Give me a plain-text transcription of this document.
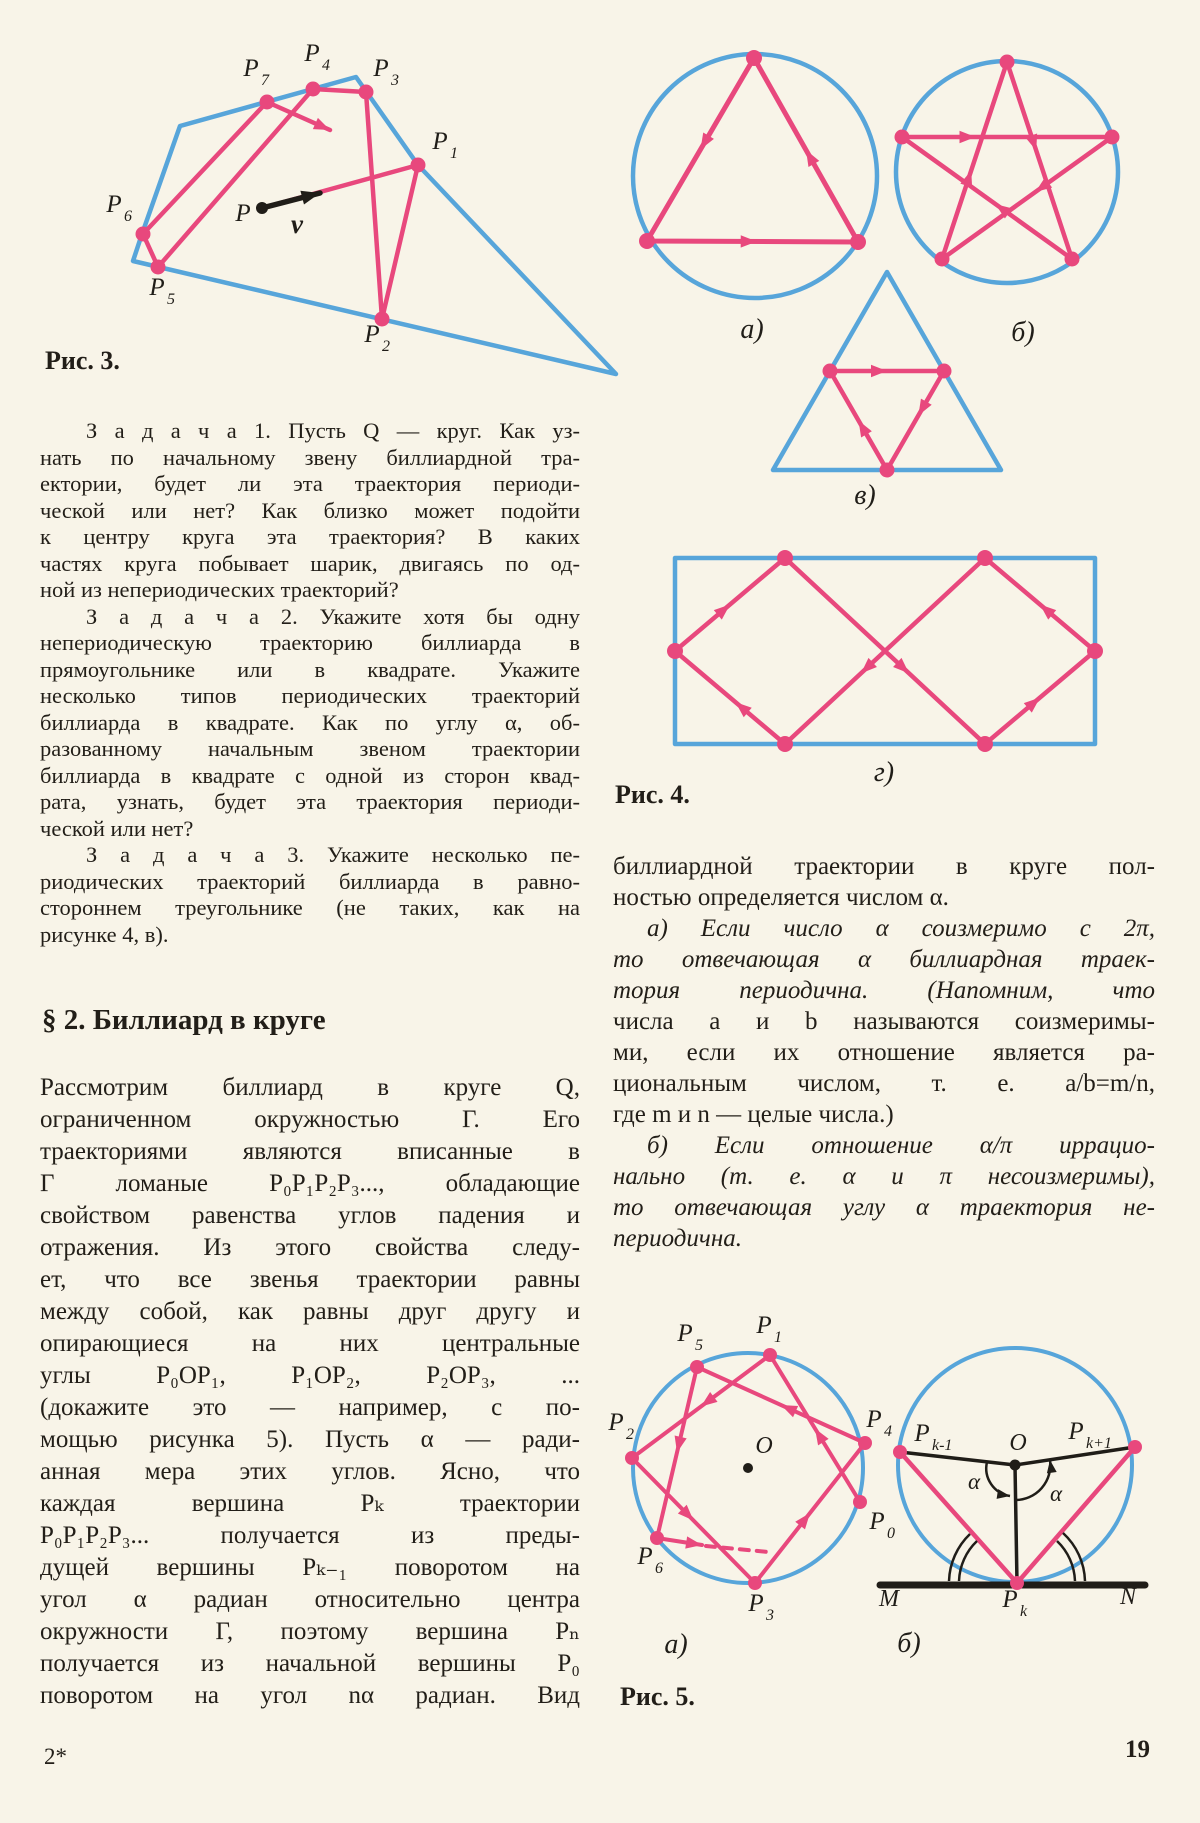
P 7
P 4 P 3
P 1
P 6
P 5
P 2
P v
а)	б)
в)
г)
O
P 1
P 5
P 2
P 6
P 3
P 0
P 4
а)
α	α
O
P k-1
P k+1
M	P k
N
б)
Рис. 3.
Рис. 4.
Рис. 5.
З а д а ч а 1. Пусть Q — круг. Как уз-
нать по начальному звену биллиардной тра-
ектории, будет ли эта траектория периоди-
ческой или нет? Как близко может подойти
к центру круга эта траектория? В каких
частях круга побывает шарик, двигаясь по од-
ной из непериодических траекторий?
З а д а ч а 2. Укажите хотя бы одну
непериодическую траекторию биллиарда в
прямоугольнике или в квадрате. Укажите
несколько типов периодических траекторий
биллиарда в квадрате. Как по углу α, об-
разованному начальным звеном траектории
биллиарда в квадрате с одной из сторон квад-
рата, узнать, будет эта траектория периоди-
ческой или нет?
З а д а ч а 3. Укажите несколько пе-
риодических траекторий биллиарда в равно-
стороннем треугольнике (не таких, как на
рисунке 4, в).
§ 2. Биллиард в круге
Рассмотрим биллиард в круге Q,
ограниченном окружностью Γ. Его
траекториями являются вписанные в
Γ ломаные P₀P₁P₂P₃..., обладающие
свойством равенства углов падения и
отражения. Из этого свойства следу-
ет, что все звенья траектории равны
между собой, как равны друг другу и
опирающиеся на них центральные
углы P₀OP₁, P₁OP₂, P₂OP₃, ...
(докажите это — например, с по-
мощью рисунка 5). Пусть α — ради-
анная мера этих углов. Ясно, что
каждая вершина Pₖ траектории
P₀P₁P₂P₃... получается из преды-
дущей вершины Pₖ₋₁ поворотом на
угол α радиан относительно центра
окружности Γ, поэтому вершина Pₙ
получается из начальной вершины P₀
поворотом на угол nα радиан. Вид
биллиардной траектории в круге пол-
ностью определяется числом α.
а) Если число α соизмеримо с 2π,
то отвечающая α биллиардная траек-
тория периодична. (Напомним, что
числа a и b называются соизмеримы-
ми, если их отношение является ра-
циональным числом, т. е. a/b=m/n,
где m и n — целые числа.)
б) Если отношение α/π иррацио-
нально (т. е. α и π несоизмеримы),
то отвечающая углу α траектория не-
периодична.
19
2*
